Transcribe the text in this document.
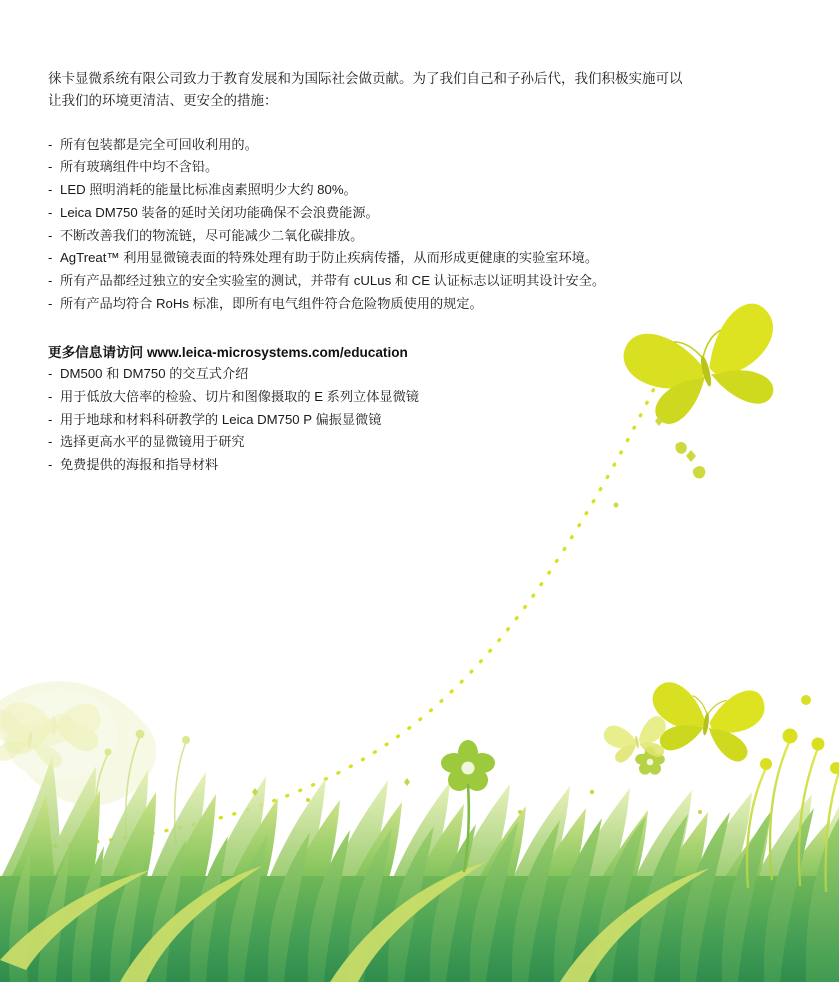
徕卡显微系统有限公司致力于教育发展和为国际社会做贡献。为了我们自己和子孙后代，我们积极实施可以让我们的环境更清洁、更安全的措施：

- 所有包装都是完全可回收利用的。
- 所有玻璃组件中均不含铅。
- LED 照明消耗的能量比标准卤素照明少大约 80%。
- Leica DM750 装备的延时关闭功能确保不会浪费能源。
- 不断改善我们的物流链，尽可能减少二氧化碳排放。
- AgTreat™ 利用显微镜表面的特殊处理有助于防止疾病传播，从而形成更健康的实验室环境。
- 所有产品都经过独立的安全实验室的测试，并带有 cULus 和 CE 认证标志以证明其设计安全。
- 所有产品均符合 RoHs 标准，即所有电气组件符合危险物质使用的规定。

更多信息请访问 www.leica-microsystems.com/education

- DM500 和 DM750 的交互式介绍
- 用于低放大倍率的检验、切片和图像摄取的 E 系列立体显微镜
- 用于地球和材料科研教学的 Leica DM750 P 偏振显微镜
- 选择更高水平的显微镜用于研究
- 免费提供的海报和指导材料
